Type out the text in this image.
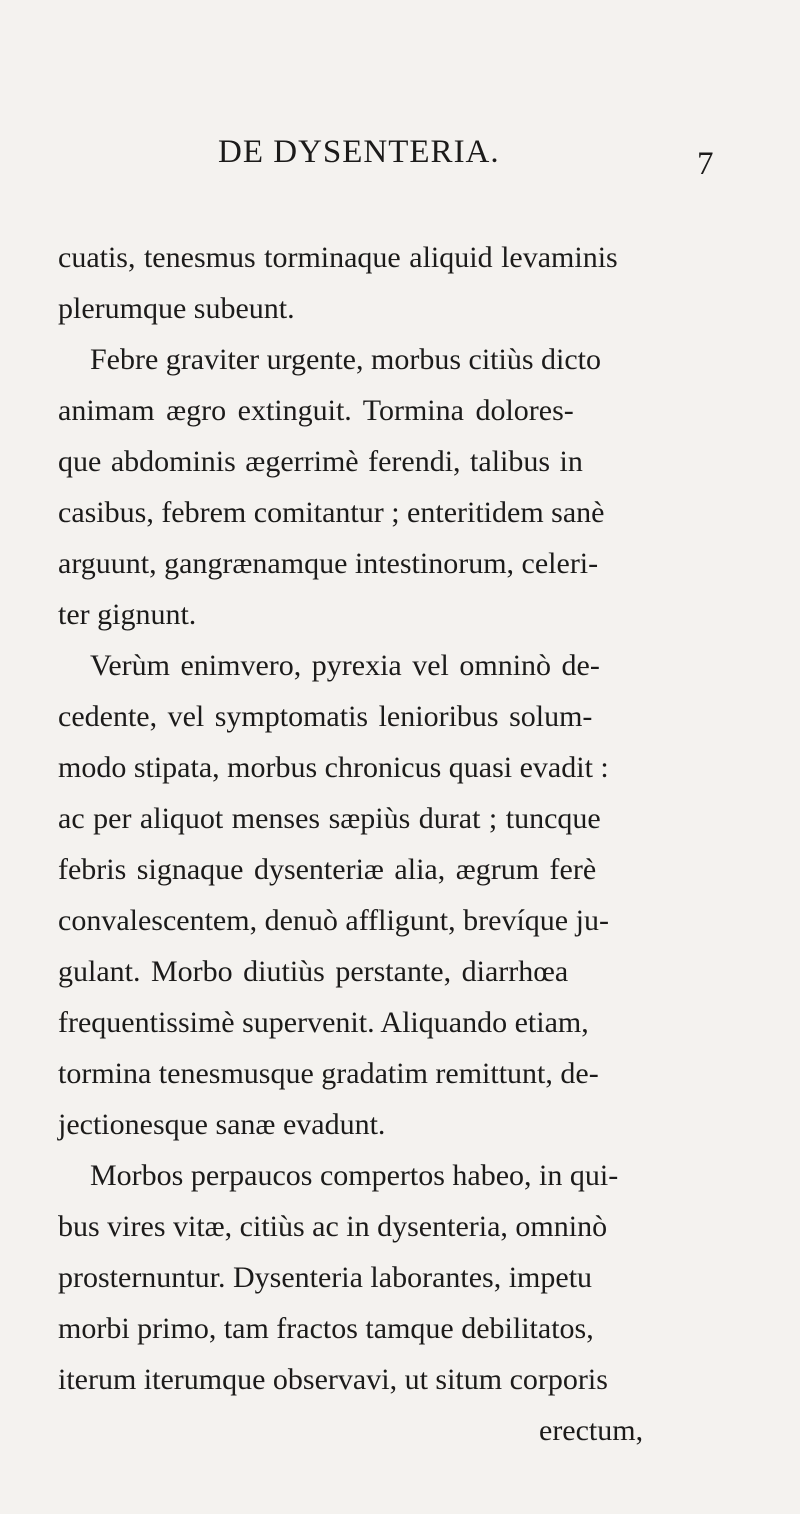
DE DYSENTERIA.	7
cuatis, tenesmus torminaque aliquid levaminis
plerumque subeunt.
Febre graviter urgente, morbus citiùs dicto
animam ægro extinguit. Tormina dolores-
que abdominis ægerrimè ferendi, talibus in
casibus, febrem comitantur ; enteritidem sanè
arguunt, gangrænamque intestinorum, celeri-
ter gignunt.
Verùm enimvero, pyrexia vel omninò de-
cedente, vel symptomatis lenioribus solum-
modo stipata, morbus chronicus quasi evadit :
ac per aliquot menses sæpiùs durat ; tuncque
febris signaque dysenteriæ alia, ægrum ferè
convalescentem, denuò affligunt, brevíque ju-
gulant. Morbo diutiùs perstante, diarrhœa
frequentissimè supervenit. Aliquando etiam,
tormina tenesmusque gradatim remittunt, de-
jectionesque sanæ evadunt.
Morbos perpaucos compertos habeo, in qui-
bus vires vitæ, citiùs ac in dysenteria, omninò
prosternuntur. Dysenteria laborantes, impetu
morbi primo, tam fractos tamque debilitatos,
iterum iterumque observavi, ut situm corporis
erectum,
